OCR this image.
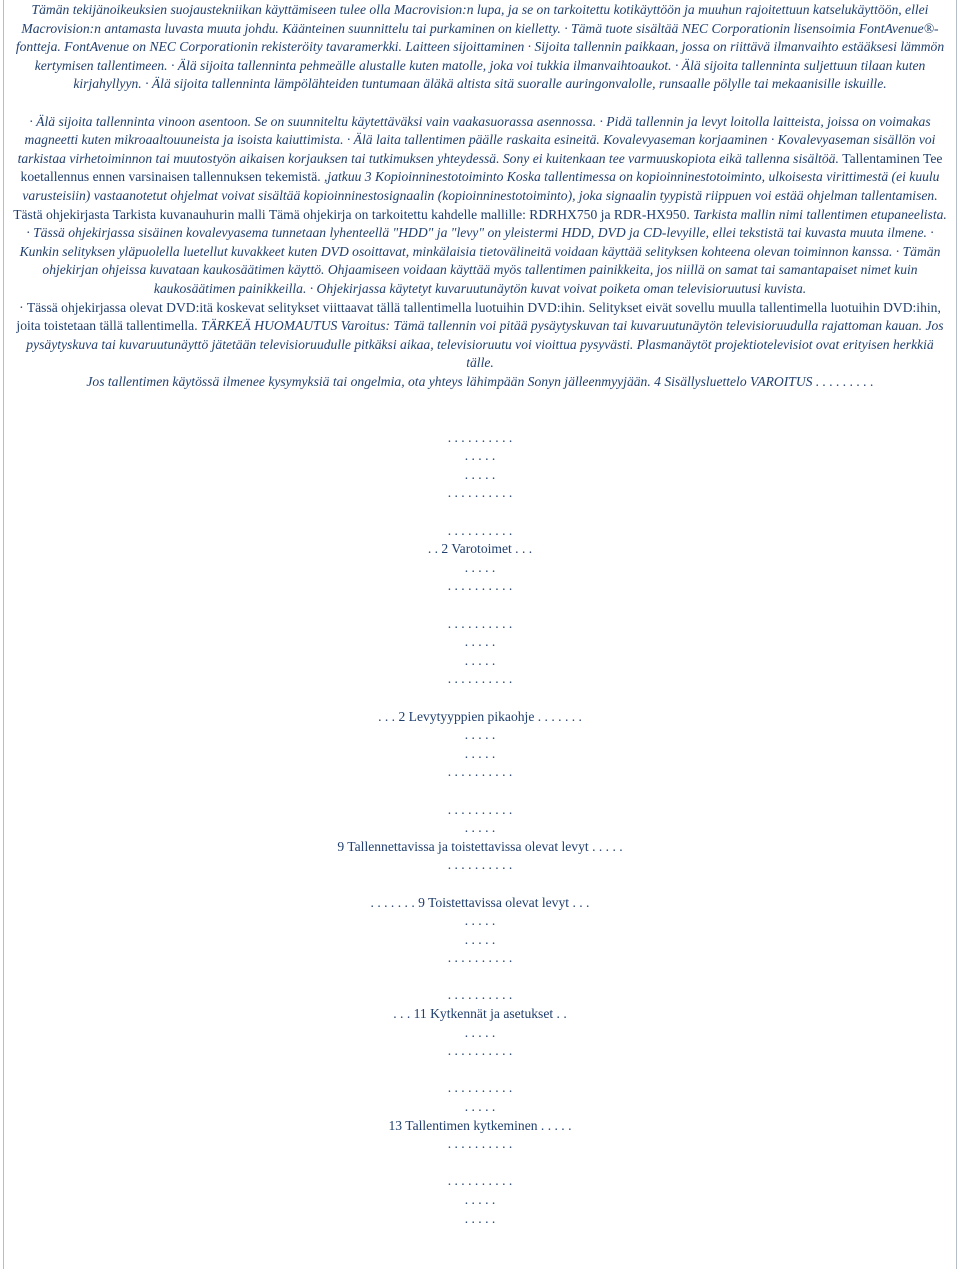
Tämän tekijänoikeuksien suojaustekniikan käyttämiseen tulee olla Macrovision:n lupa, ja se on tarkoitettu kotikäyttöön ja muuhun rajoitettuun katselukäyttöön, ellei Macrovision:n antamasta luvasta muuta johdu. Käänteinen suunnittelu tai purkaminen on kielletty. · Tämä tuote sisältää NEC Corporationin lisensoimia FontAvenue®-fontteja. FontAvenue on NEC Corporationin rekisteröity tavaramerkki. Laitteen sijoittaminen · Sijoita tallennin paikkaan, jossa on riittävä ilmanvaihto estääksesi lämmön kertymisen tallentimeen. · Älä sijoita tallenninta pehmeälle alustalle kuten matolle, joka voi tukkia ilmanvaihtoaukot. · Älä sijoita tallenninta suljettuun tilaan kuten kirjahyllyyn. · Älä sijoita tallenninta lämpölähteiden tuntumaan äläkä altista sitä suoralle auringonvalolle, runsaalle pölylle tai mekaanisille iskuille.

· Älä sijoita tallenninta vinoon asentoon. Se on suunniteltu käytettäväksi vain vaakasuorassa asennossa. · Pidä tallennin ja levyt loitolla laitteista, joissa on voimakas magneetti kuten mikroaaltouuneista ja isoista kaiuttimista. · Älä laita tallentimen päälle raskaita esineitä. Kovalevyaseman korjaaminen · Kovalevyaseman sisällön voi tarkistaa virhetoiminnon tai muutostyön aikaisen korjauksen tai tutkimuksen yhteydessä. Sony ei kuitenkaan tee varmuuskopiota eikä tallenna sisältöä. Tallentaminen Tee koetallennus ennen varsinaisen tallennuksen tekemistä. ,jatkuu 3 Kopioinninestotoiminto Koska tallentimessa on kopioinninestotoiminto, ulkoisesta virittimestä (ei kuulu varusteisiin) vastaanotetut ohjelmat voivat sisältää kopioinninestosignaalin (kopioinninestotoiminto), joka signaalin tyypistä riippuen voi estää ohjelman tallentamisen. Tästä ohjekirjasta Tarkista kuvanauhurin malli Tämä ohjekirja on tarkoitettu kahdelle mallille: RDRHX750 ja RDR-HX950. Tarkista mallin nimi tallentimen etupaneelista.

· Tässä ohjekirjassa sisäinen kovalevyasema tunnetaan lyhenteellä "HDD" ja "levy" on yleistermi HDD, DVD ja CD-levyille, ellei tekstistä tai kuvasta muuta ilmene. · Kunkin selityksen yläpuolella luetellut kuvakkeet kuten DVD osoittavat, minkälaisia tietovälineitä voidaan käyttää selityksen kohteena olevan toiminnon kanssa. · Tämän ohjekirjan ohjeissa kuvataan kaukosäätimen käyttö. Ohjaamiseen voidaan käyttää myös tallentimen painikkeita, jos niillä on samat tai samantapaiset nimet kuin kaukosäätimen painikkeilla. · Ohjekirjassa käytetyt kuvaruutunäytön kuvat voivat poiketa oman televisioruutusi kuvista.

· Tässä ohjekirjassa olevat DVD:itä koskevat selitykset viittaavat tällä tallentimella luotuihin DVD:ihin. Selitykset eivät sovellu muulla tallentimella luotuihin DVD:ihin, joita toistetaan tällä tallentimella. TÄRKEÄ HUOMAUTUS Varoitus: Tämä tallennin voi pitää pysäytyskuvan tai kuvaruutunäytön televisioruudulla rajattoman kauan. Jos pysäytyskuva tai kuvaruutunäyttö jätetään televisioruudulle pitkäksi aikaa, televisioruutu voi vioittua pysyvästi. Plasmanäytöt projektiotelevisiot ovat erityisen herkkiä tälle.

Jos tallentimen käytössä ilmenee kysymyksiä tai ongelmia, ota yhteys lähimpään Sonyn jälleenmyyjään. 4 Sisällysluettelo VAROITUS . . . . . . . . .

. . . . . . . . . .
. . . . .
. . . . .
. . . . . . . . . .
. . . . . . . . . .
. . 2 Varotoimet . . .
. . . . .
. . . . . . . . . .
. . . . . . . . . .
. . . . .
. . . . .
. . . . . . . . . .
. . . 2 Levytyyppien pikaohje . . . . . . .
. . . . .
. . . . .
. . . . . . . . . .
. . . . . . . . . .
. . . . .
9 Tallennettavissa ja toistettavissa olevat levyt . . . . .
. . . . . . . . . .
. . . . . . . 9 Toistettavissa olevat levyt . . .
. . . . .
. . . . .
. . . . . . . . . .
. . . . . . . . . .
. . . 11 Kytkennät ja asetukset . .
. . . . .
. . . . . . . . . .
. . . . . . . . . .
. . . . .
13 Tallentimen kytkeminen . . . . .
. . . . . . . . . .
. . . . . . . . . .
. . . . .
. . . . .
